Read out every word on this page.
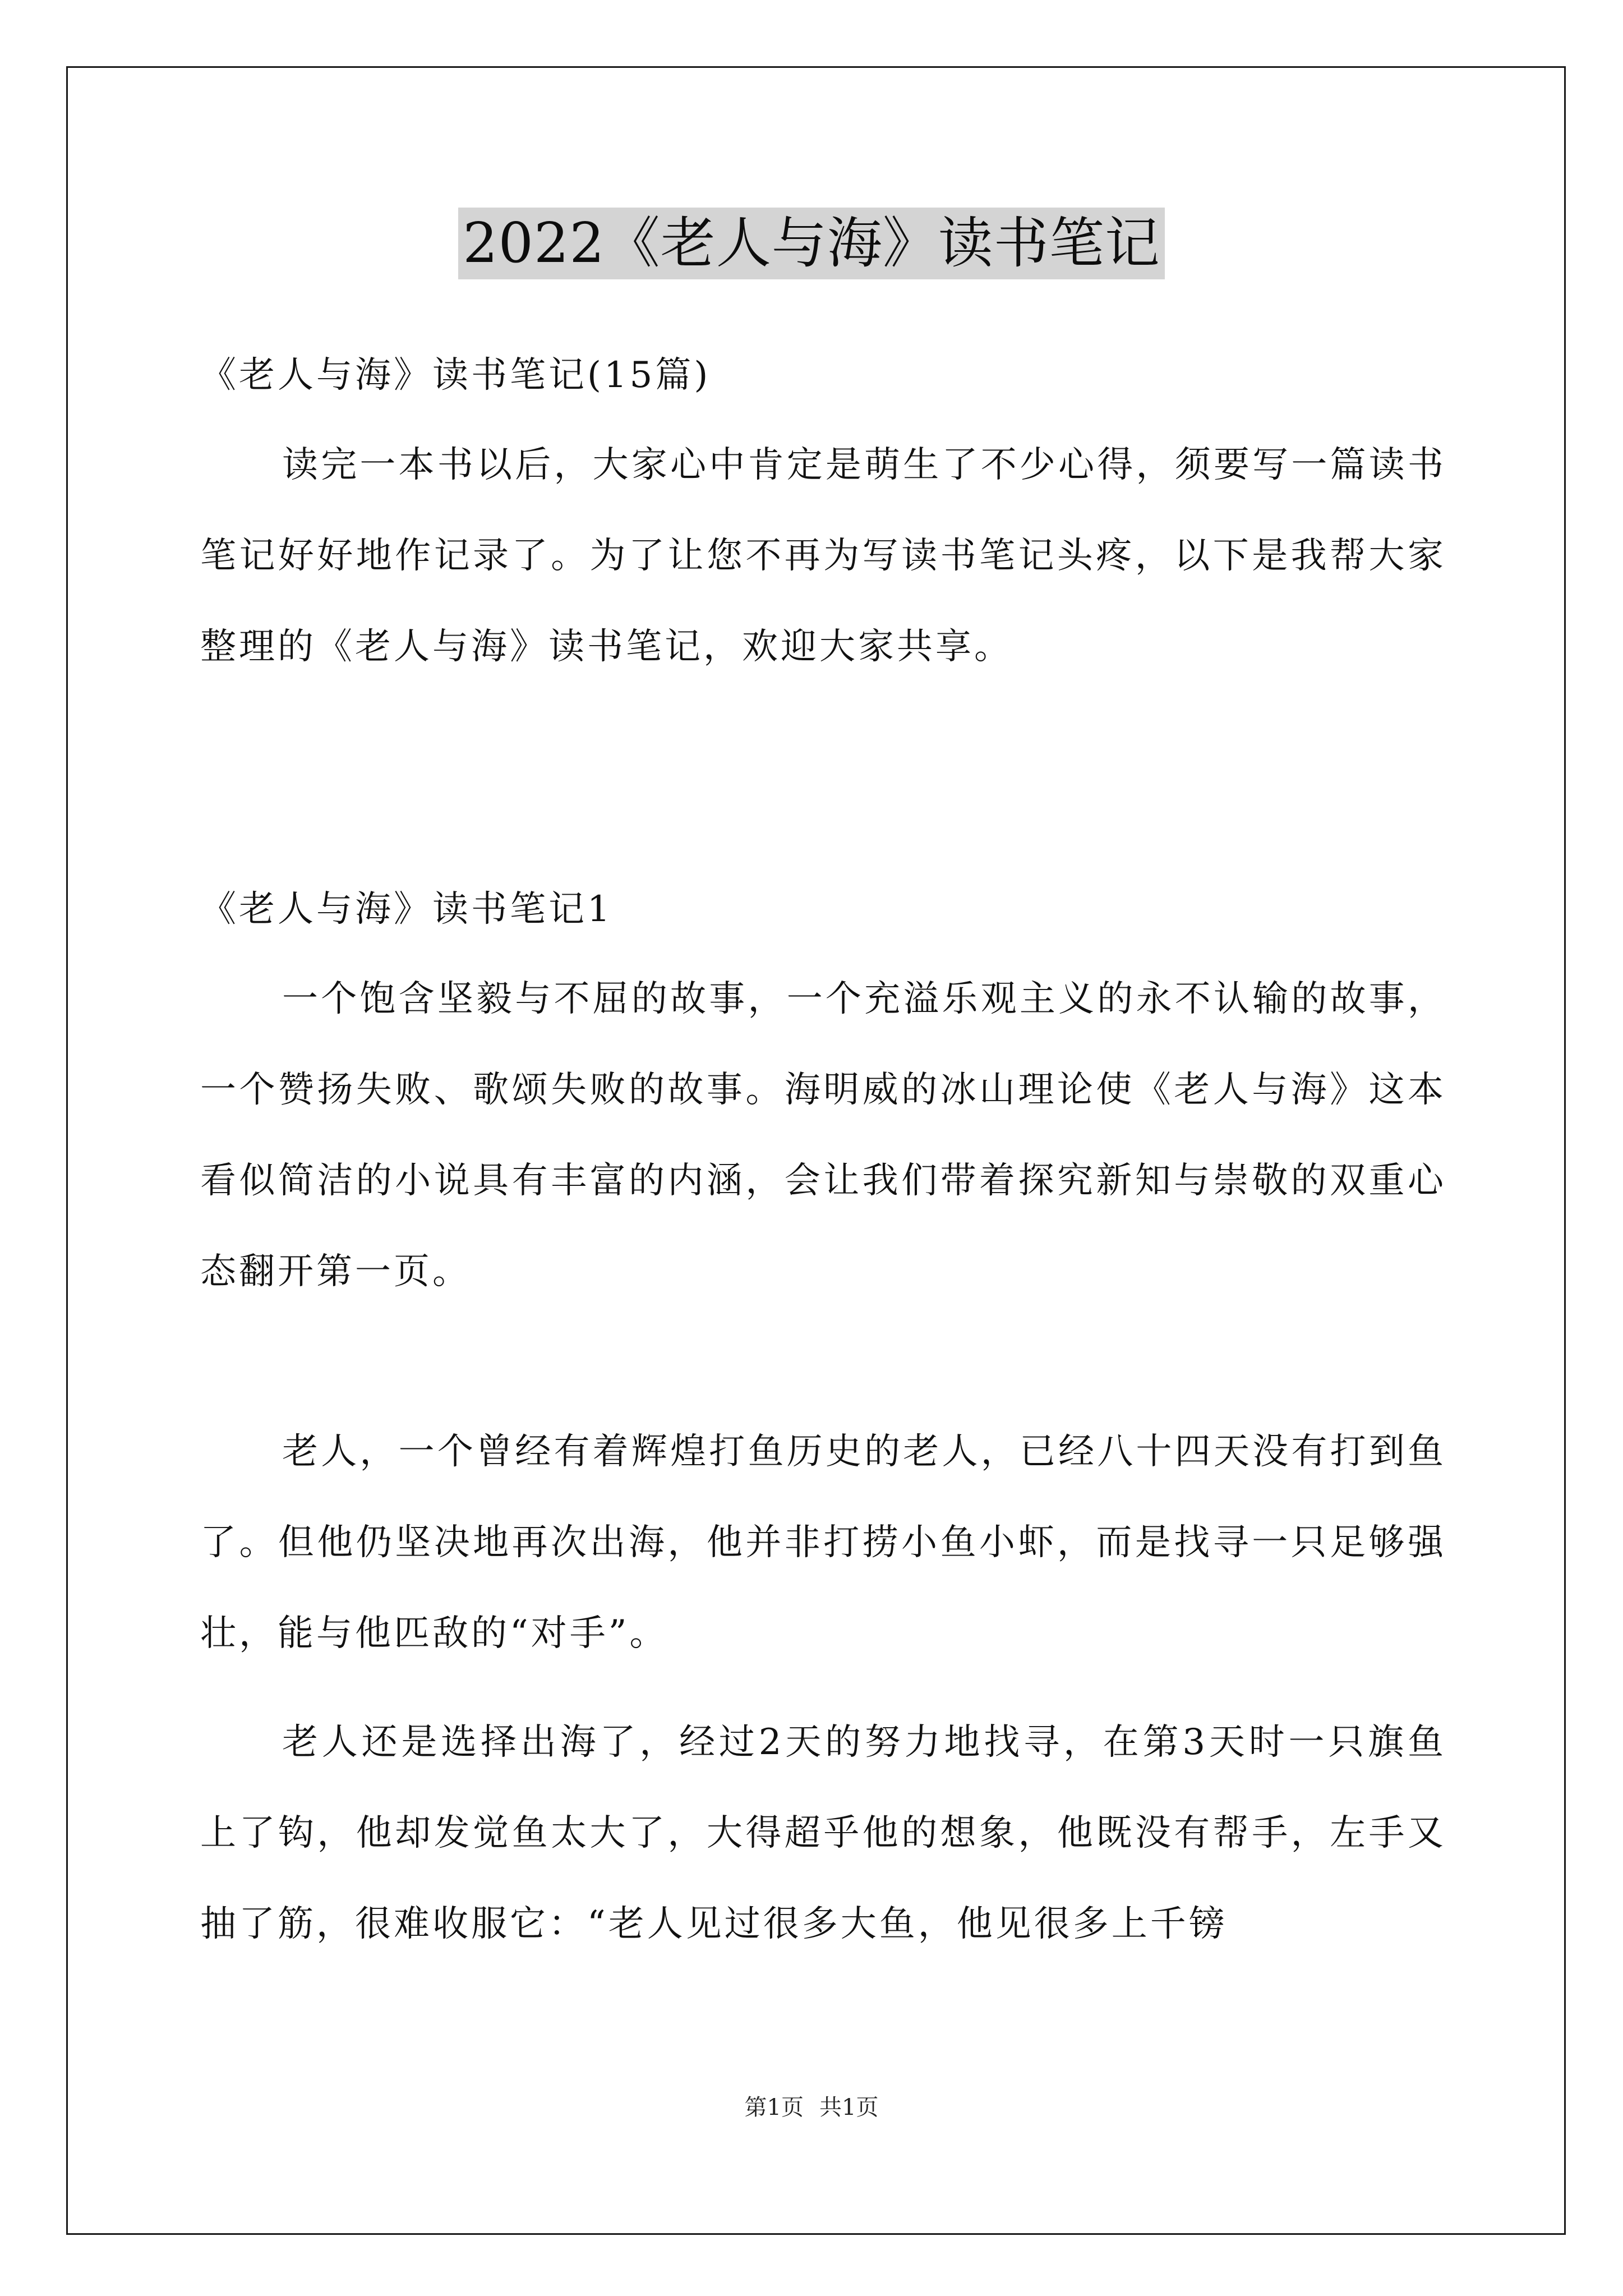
2022《老人与海》读书笔记

《老人与海》读书笔记(15篇)

读完一本书以后，大家心中肯定是萌生了不少心得，须要写一篇读书笔记好好地作记录了。为了让您不再为写读书笔记头疼，以下是我帮大家整理的《老人与海》读书笔记，欢迎大家共享。

《老人与海》读书笔记1

一个饱含坚毅与不屈的故事，一个充溢乐观主义的永不认输的故事，一个赞扬失败、歌颂失败的故事。海明威的冰山理论使《老人与海》这本看似简洁的小说具有丰富的内涵，会让我们带着探究新知与崇敬的双重心态翻开第一页。

老人，一个曾经有着辉煌打鱼历史的老人，已经八十四天没有打到鱼了。但他仍坚决地再次出海，他并非打捞小鱼小虾，而是找寻一只足够强壮，能与他匹敌的“对手”。

老人还是选择出海了，经过2天的努力地找寻，在第3天时一只旗鱼上了钩，他却发觉鱼太大了，大得超乎他的想象，他既没有帮手，左手又抽了筋，很难收服它：“老人见过很多大鱼，他见很多上千镑

第1页 共1页
